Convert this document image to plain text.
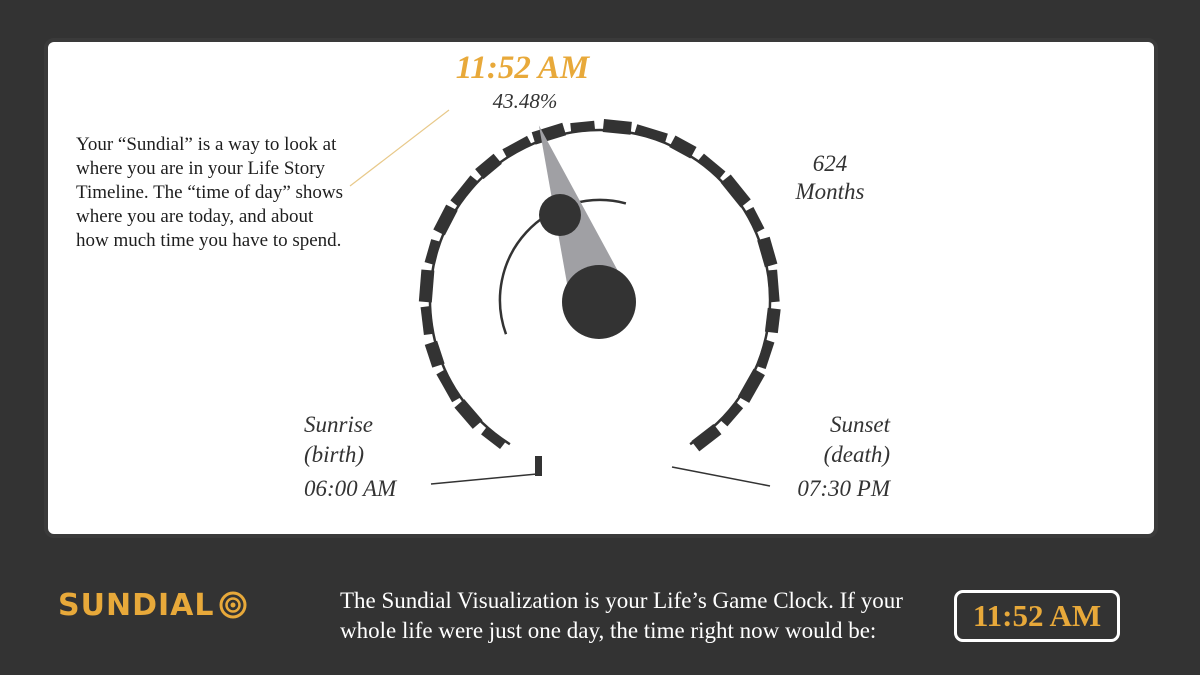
Your “Sundial” is a way to look at where you are in your Life Story Timeline. The “time of day” shows where you are today, and about how much time you have to spend.
11:52 AM
43.48%
624
Months
Sunrise
(birth)
06:00 AM
Sunset
(death)
07:30 PM
SUNDIAL	The Sundial Visualization is your Life’s Game Clock. If your whole life were just one day, the time right now would be:	11:52 AM
